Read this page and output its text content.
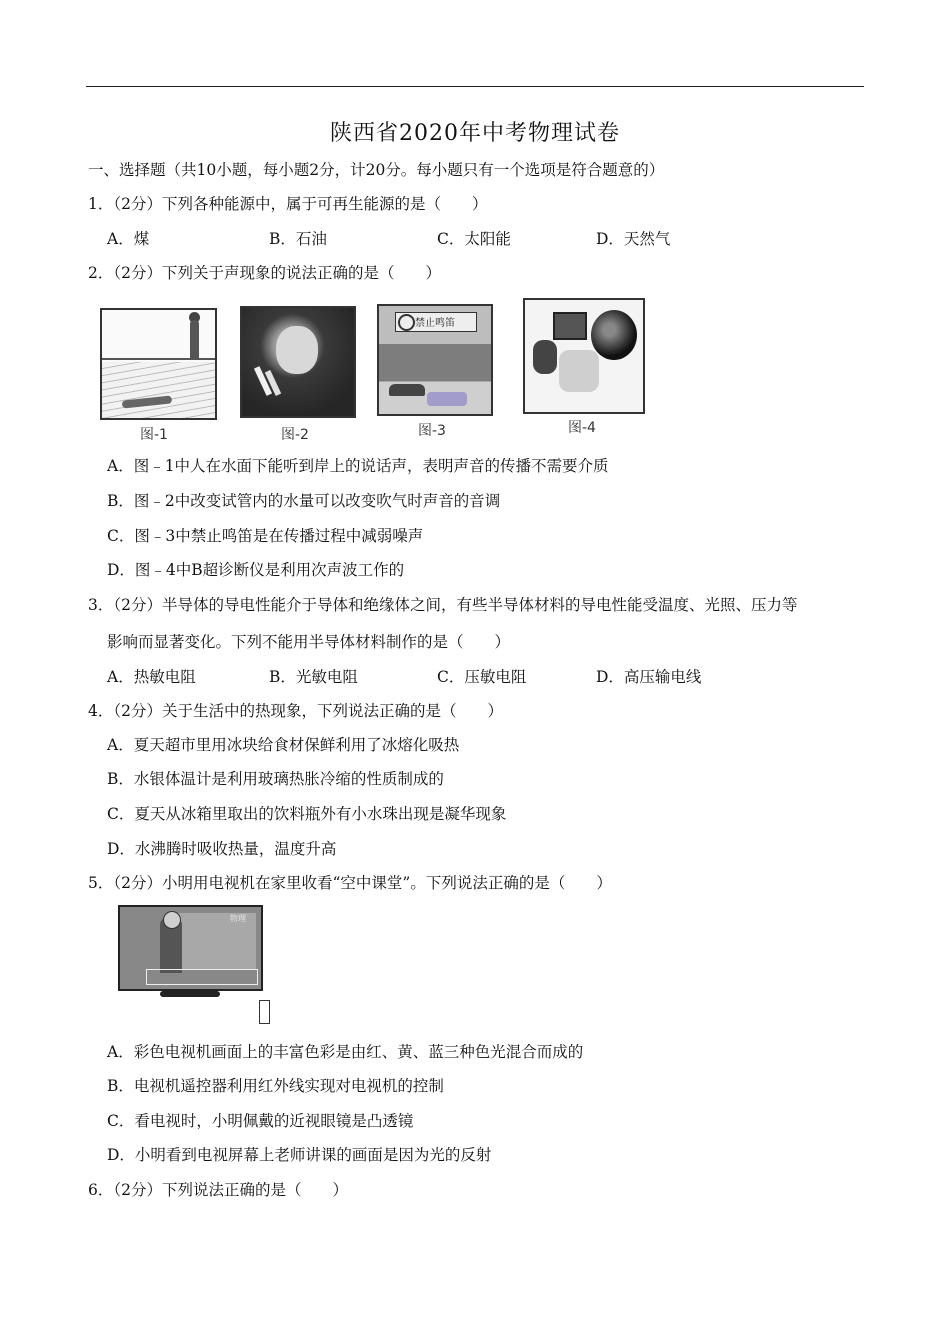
陕西省2020年中考物理试卷
一、选择题（共10小题，每小题2分，计20分。每小题只有一个选项是符合题意的）
1．（2分）下列各种能源中，属于可再生能源的是（　　）
A．煤	B．石油	C．太阳能	D．天然气
2．（2分）下列关于声现象的说法正确的是（　　）
图-1	图-2
禁止鸣笛
图-3	图-4
A．图﹣1中人在水面下能听到岸上的说话声，表明声音的传播不需要介质
B．图﹣2中改变试管内的水量可以改变吹气时声音的音调
C．图﹣3中禁止鸣笛是在传播过程中减弱噪声
D．图﹣4中B超诊断仪是利用次声波工作的
3．（2分）半导体的导电性能介于导体和绝缘体之间，有些半导体材料的导电性能受温度、光照、压力等
影响而显著变化。下列不能用半导体材料制作的是（　　）
A．热敏电阻	B．光敏电阻	C．压敏电阻	D．高压输电线
4．（2分）关于生活中的热现象，下列说法正确的是（　　）
A．夏天超市里用冰块给食材保鲜利用了冰熔化吸热
B．水银体温计是利用玻璃热胀冷缩的性质制成的
C．夏天从冰箱里取出的饮料瓶外有小水珠出现是凝华现象
D．水沸腾时吸收热量，温度升高
5．（2分）小明用电视机在家里收看“空中课堂”。下列说法正确的是（　　）
物理
A．彩色电视机画面上的丰富色彩是由红、黄、蓝三种色光混合而成的
B．电视机遥控器利用红外线实现对电视机的控制
C．看电视时，小明佩戴的近视眼镜是凸透镜
D．小明看到电视屏幕上老师讲课的画面是因为光的反射
6．（2分）下列说法正确的是（　　）
